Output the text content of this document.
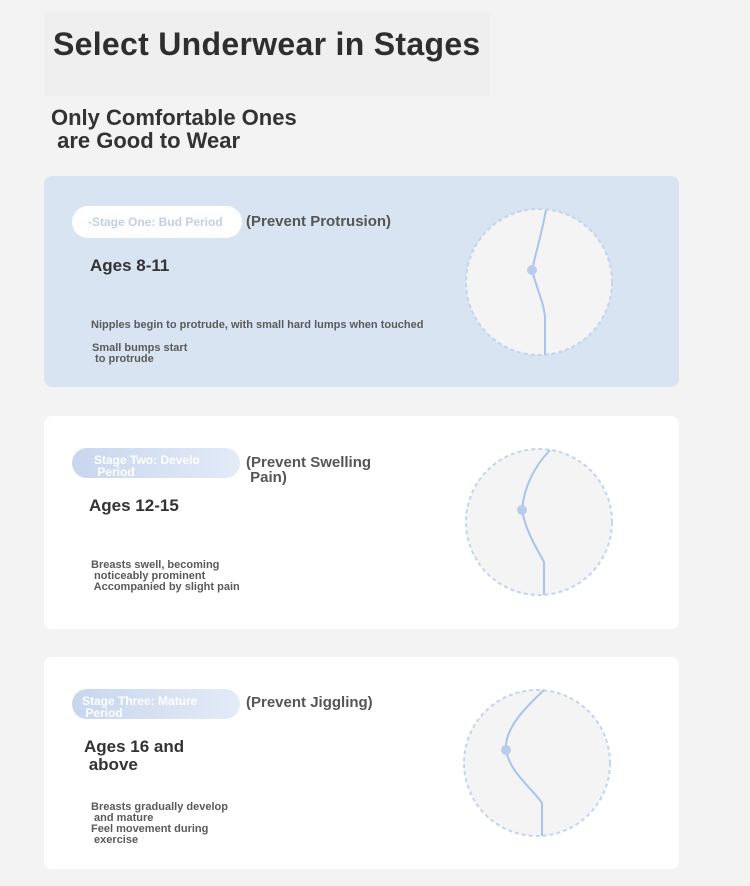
Select Underwear in Stages
Only Comfortable Ones
are Good to Wear
-Stage One: Bud Period	(Prevent Protrusion)
Ages 8-11
Nipples begin to protrude, with small hard lumps when touched
Small bumps start
to protrude
Stage Two: Develo
Period
(Prevent Swelling
Pain)
Ages 12-15
Breasts swell, becoming
noticeably prominent
Accompanied by slight pain
Stage Three: Mature
Period
(Prevent Jiggling)
Ages 16 and
above
Breasts gradually develop
and mature
Feel movement during
exercise
